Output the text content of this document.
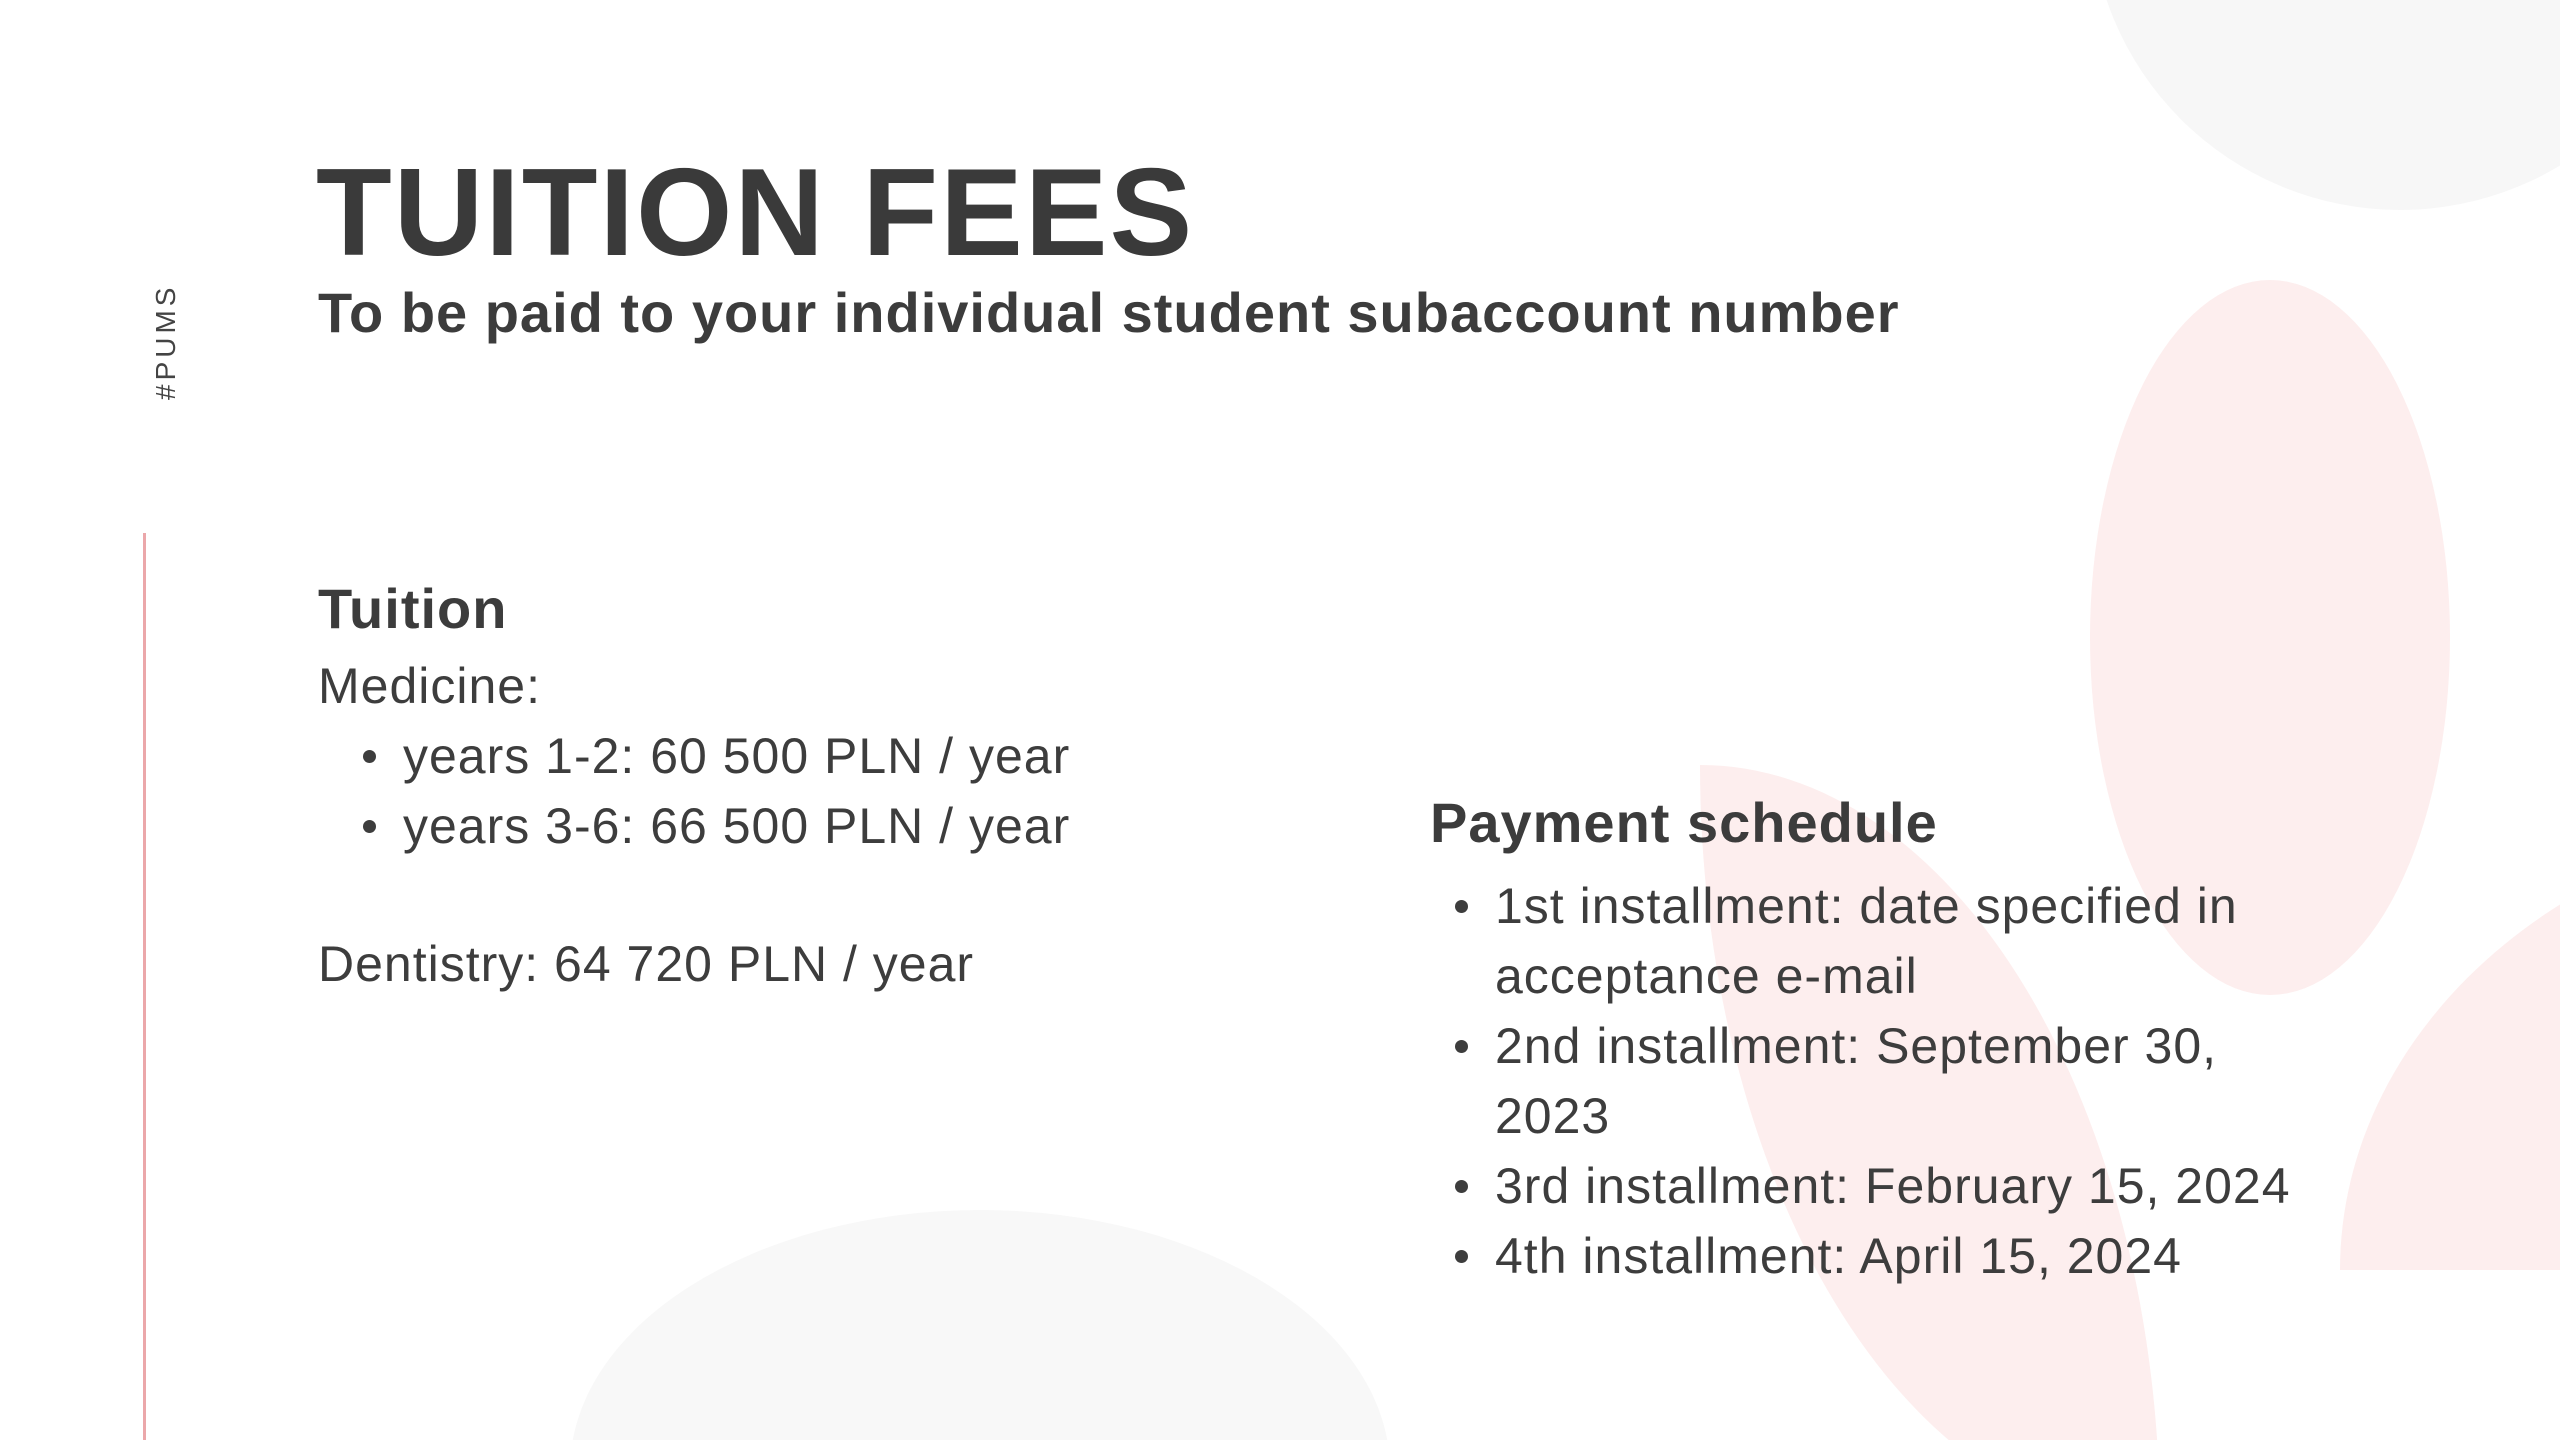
#PUMS
TUITION FEES
To be paid to your individual student subaccount number
Tuition
Medicine:
years 1-2: 60 500 PLN / year
years 3-6: 66 500 PLN / year
Dentistry: 64 720 PLN / year
Payment schedule
1st installment: date specified in
acceptance e-mail
2nd installment: September 30,
2023
3rd installment: February 15, 2024
4th installment: April 15, 2024
